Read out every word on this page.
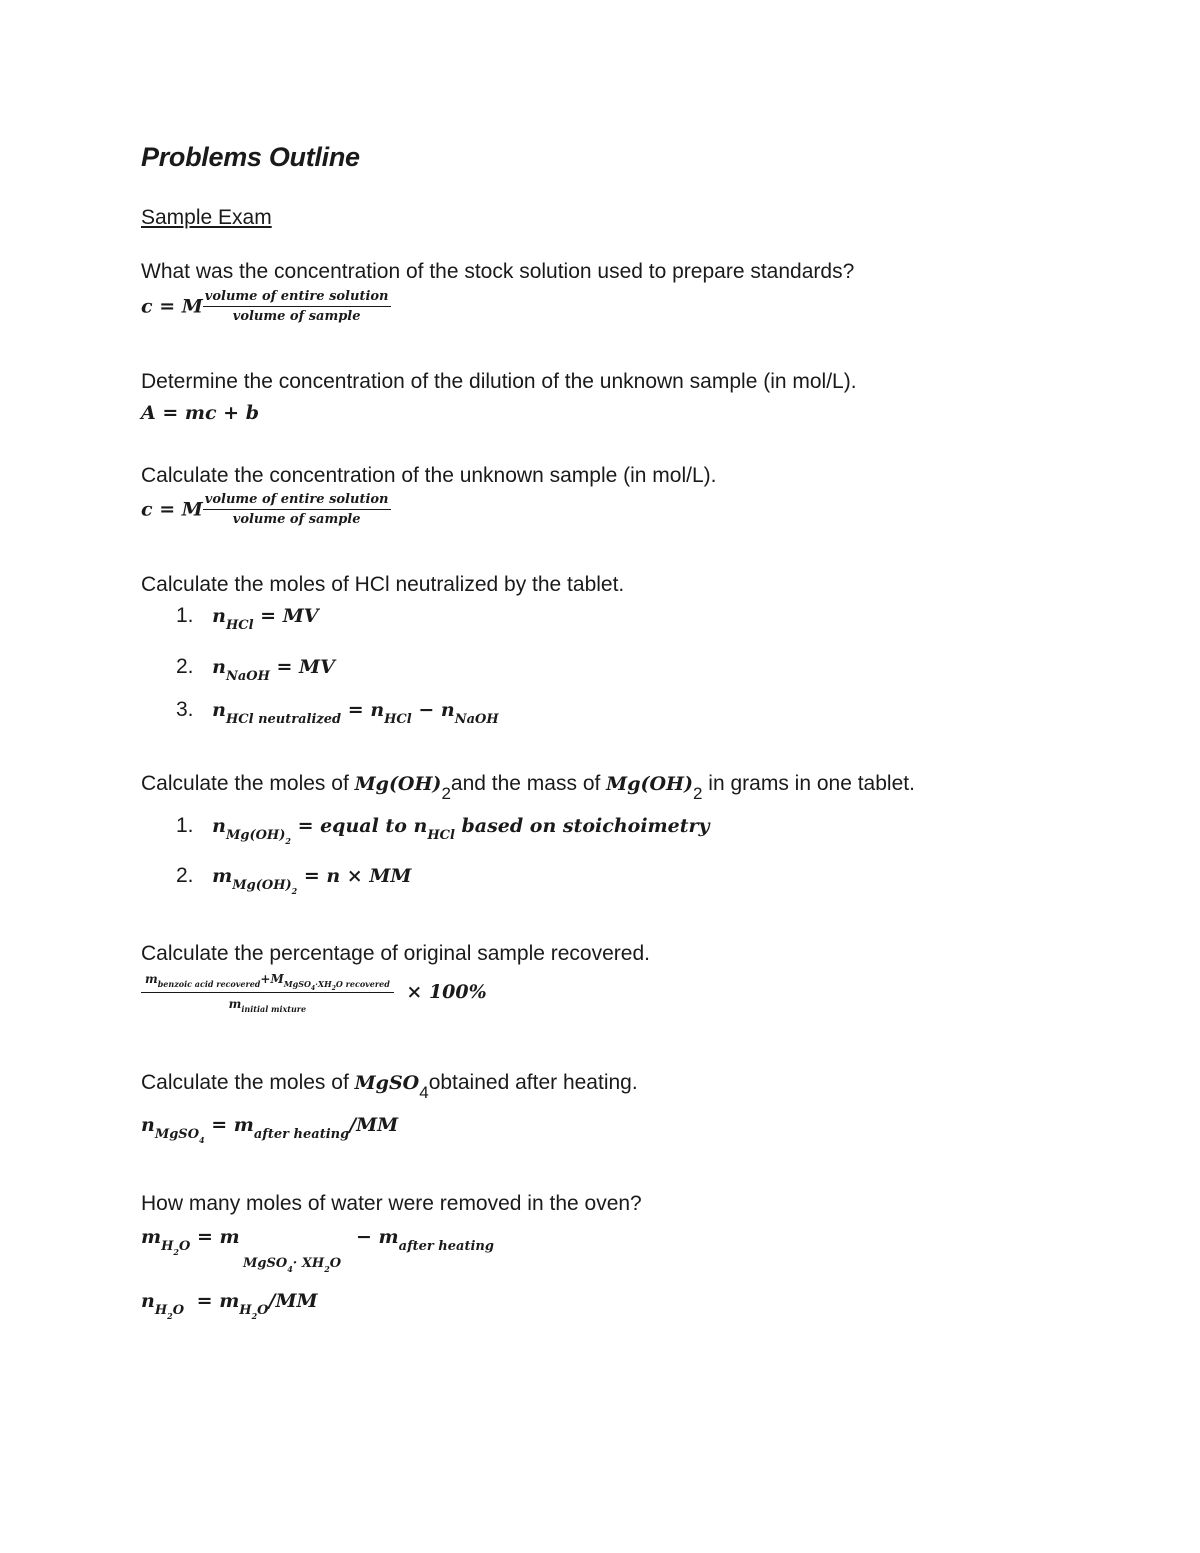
Problems Outline
Sample Exam
What was the concentration of the stock solution used to prepare standards?
c = M $\frac{\text{volume of entire solution}}{\text{volume of sample}}$
Determine the concentration of the dilution of the unknown sample (in mol/L).
A = mc + b
Calculate the concentration of the unknown sample (in mol/L).
c = M $\frac{\text{volume of entire solution}}{\text{volume of sample}}$
Calculate the moles of HCl neutralized by the tablet.
1. $n_{HCl}$ = MV
2. $n_{NaOH}$ = MV
3. $n_{HCl neutralized} = n_{HCl} - n_{NaOH}$
Calculate the moles of $Mg(OH)_2and$ the mass of $Mg(OH)_2$ in grams in one tablet.
1. $n_{Mg(OH)2}$ = equal to $n_{HCl}$ based on stoichoimetry
2. $m_{Mg(OH)2} = n$ × MM
Calculate the percentage of original sample recovered.
$m_{benzoic acid recovered}+M_{MgSO4\cdot XH2O recovered}$
$m_{initial mixture}$
× 100%
Calculate the moles of MgSO$_4$obtained after heating.
$n_{MgSO4} = m_{after heating}/MM$
How many moles of water were removed in the oven?
$m_{H2O} = m$
MgSO$_4$· $XH_2O$
− $m_{after heating}$
$n_{H2O} = m_{H2O}/MM$
